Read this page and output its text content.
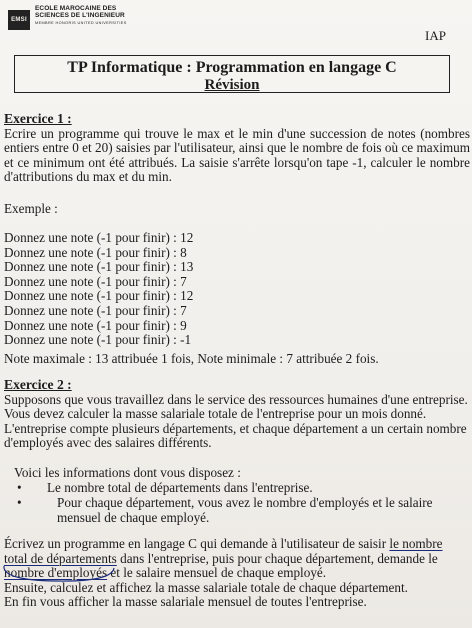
EMSI
ECOLE MAROCAINE DES
SCIENCES DE L'INGENIEUR
MEMBRE HONORIS UNITED UNIVERSITIES
IAP
TP Informatique : Programmation en langage C
Révision
Exercice 1 :

Ecrire un programme qui trouve le max et le min d'une succession de notes (nombres entiers entre 0 et 20) saisies par l'utilisateur, ainsi que le nombre de fois où ce maximum et ce minimum ont été attribués. La saisie s'arrête lorsqu'on tape -1, calculer le nombre d'attributions du max et du min.

Exemple :

Donnez une note (-1 pour finir) : 12

Donnez une note (-1 pour finir) : 8

Donnez une note (-1 pour finir) : 13

Donnez une note (-1 pour finir) : 7

Donnez une note (-1 pour finir) : 12

Donnez une note (-1 pour finir) : 7

Donnez une note (-1 pour finir) : 9

Donnez une note (-1 pour finir) : -1

Note maximale : 13 attribuée 1 fois, Note minimale : 7 attribuée 2 fois.
Exercice 2 :

Supposons que vous travaillez dans le service des ressources humaines d'une entreprise.

Vous devez calculer la masse salariale totale de l'entreprise pour un mois donné.

L'entreprise compte plusieurs départements, et chaque département a un certain nombre d'employés avec des salaires différents.

Voici les informations dont vous disposez :

•	Le nombre total de départements dans l'entreprise.
•	Pour chaque département, vous avez le nombre d'employés et le salaire mensuel de chaque employé.

Écrivez un programme en langage C qui demande à l'utilisateur de saisir le nombre

total de départements dans l'entreprise, puis pour chaque département, demande le

nombre d'employés et le salaire mensuel de chaque employé.

Ensuite, calculez et affichez la masse salariale totale de chaque département.

En fin vous afficher la masse salariale mensuel de toutes l'entreprise.
